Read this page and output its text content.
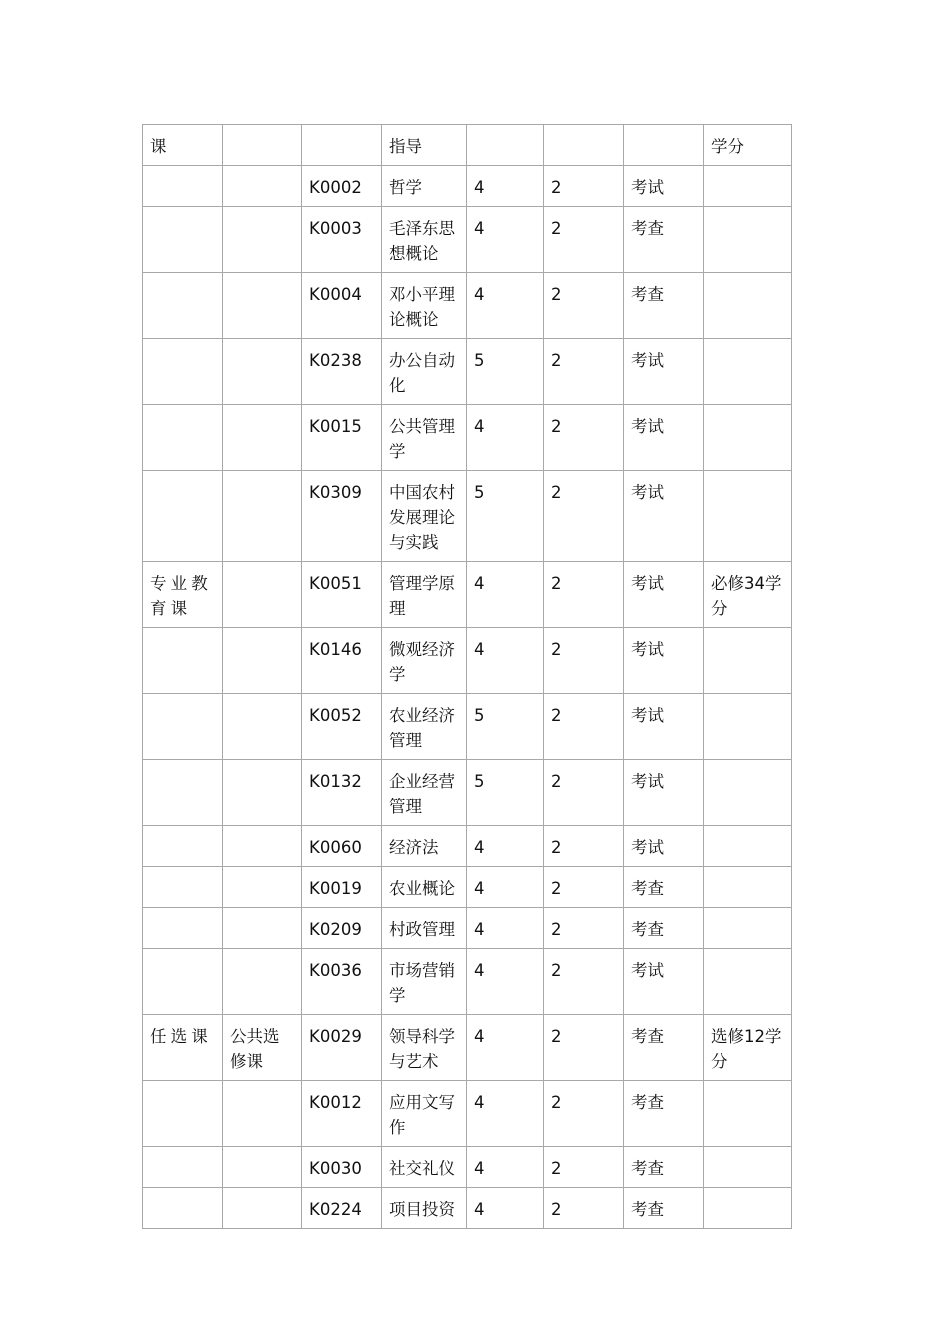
课			指导				学分
		K0002	哲学	4	2	考试	
		K0003	毛泽东思想概论	4	2	考查	
		K0004	邓小平理论概论	4	2	考查	
		K0238	办公自动化	5	2	考试	
		K0015	公共管理学	4	2	考试	
		K0309	中国农村发展理论与实践	5	2	考试	
专业教育课		K0051	管理学原理	4	2	考试	必修34学分
		K0146	微观经济学	4	2	考试	
		K0052	农业经济管理	5	2	考试	
		K0132	企业经营管理	5	2	考试	
		K0060	经济法	4	2	考试	
		K0019	农业概论	4	2	考查	
		K0209	村政管理	4	2	考查	
		K0036	市场营销学	4	2	考试	
任选课	公共选修课	K0029	领导科学与艺术	4	2	考查	选修12学分
		K0012	应用文写作	4	2	考查	
		K0030	社交礼仪	4	2	考查	
		K0224	项目投资	4	2	考查	
